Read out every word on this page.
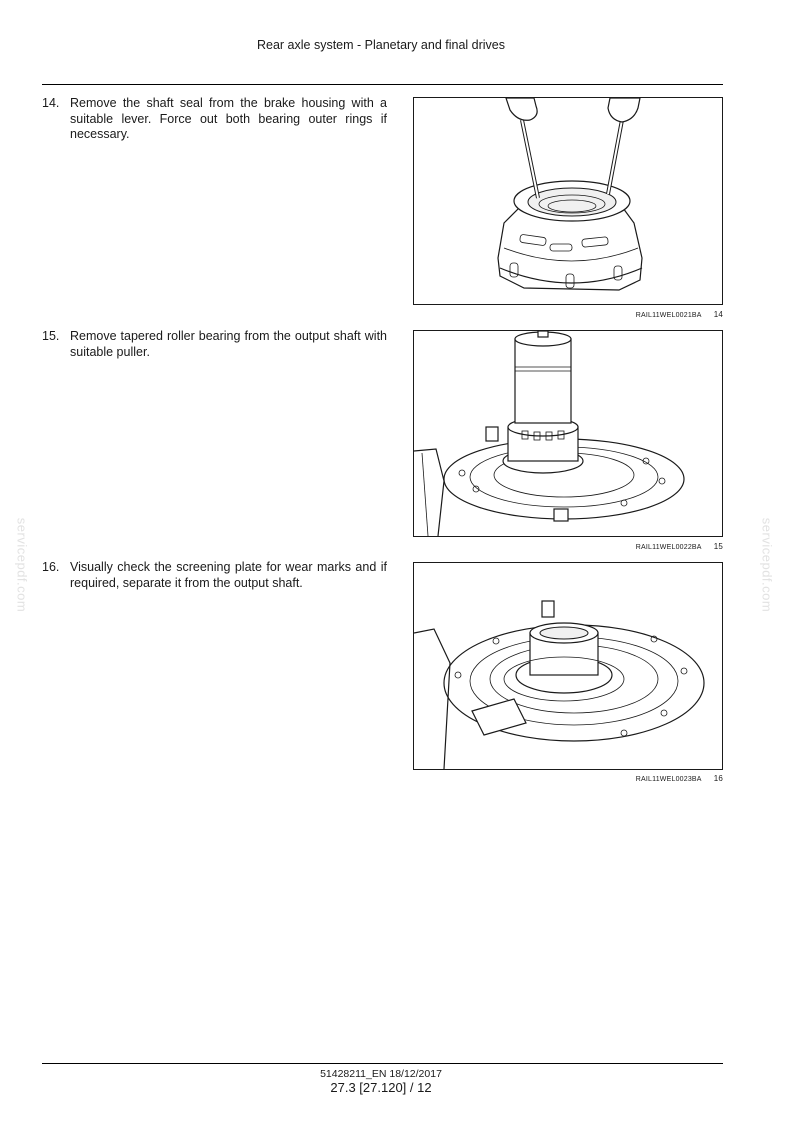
Rear axle system - Planetary and final drives
servicepdf.com	servicepdf.com
14. Remove the shaft seal from the brake housing with a suitable lever. Force out both bearing outer rings if necessary.
RAIL11WEL0021BA 14
15. Remove tapered roller bearing from the output shaft with suitable puller.
RAIL11WEL0022BA 15
16. Visually check the screening plate for wear marks and if required, separate it from the output shaft.
RAIL11WEL0023BA 16
51428211_EN 18/12/2017
27.3 [27.120] / 12
